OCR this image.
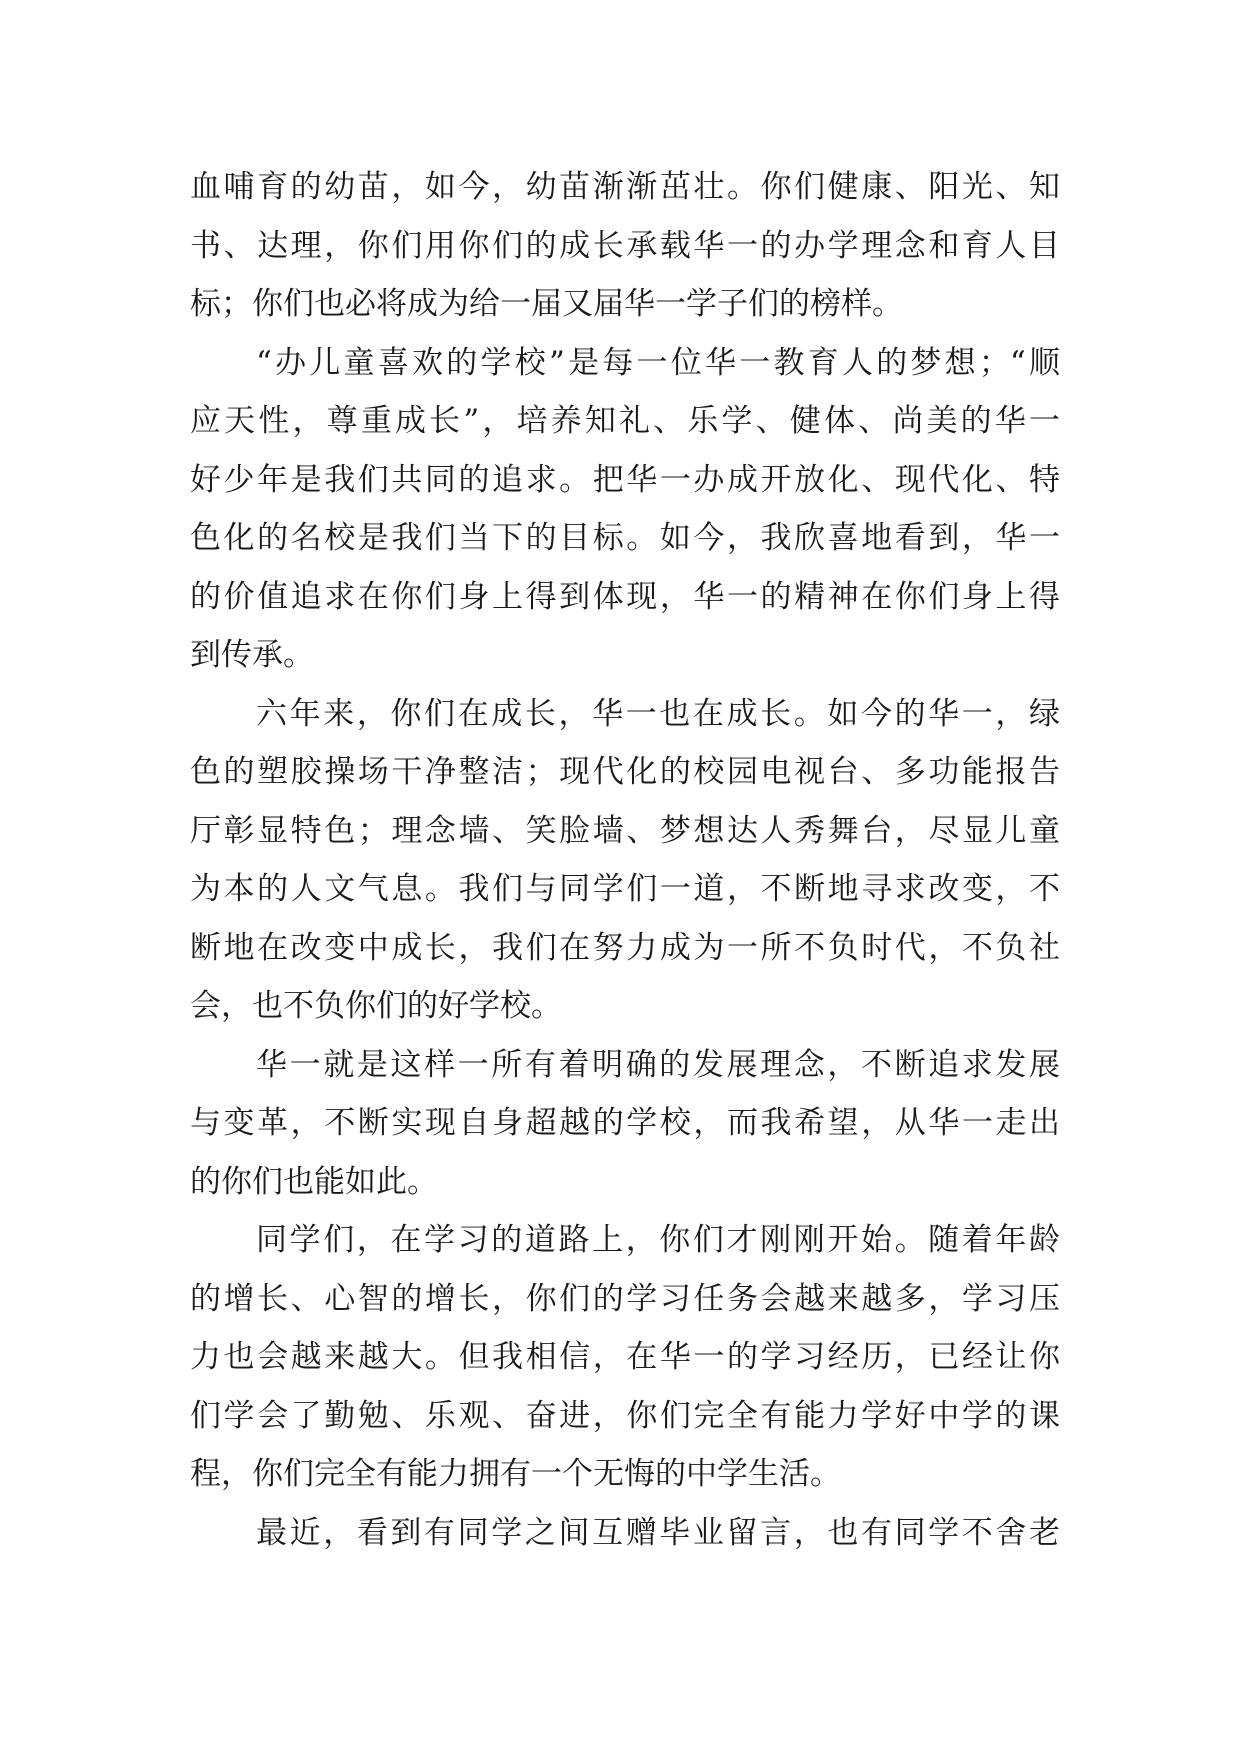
血哺育的幼苗，如今，幼苗渐渐茁壮。你们健康、阳光、知
书、达理，你们用你们的成长承载华一的办学理念和育人目
标；你们也必将成为给一届又届华一学子们的榜样。
“办儿童喜欢的学校”是每一位华一教育人的梦想；“顺
应天性，尊重成长”，培养知礼、乐学、健体、尚美的华一
好少年是我们共同的追求。把华一办成开放化、现代化、特
色化的名校是我们当下的目标。如今，我欣喜地看到，华一
的价值追求在你们身上得到体现，华一的精神在你们身上得
到传承。
六年来，你们在成长，华一也在成长。如今的华一，绿
色的塑胶操场干净整洁；现代化的校园电视台、多功能报告
厅彰显特色；理念墙、笑脸墙、梦想达人秀舞台，尽显儿童
为本的人文气息。我们与同学们一道，不断地寻求改变，不
断地在改变中成长，我们在努力成为一所不负时代，不负社
会，也不负你们的好学校。
华一就是这样一所有着明确的发展理念，不断追求发展
与变革，不断实现自身超越的学校，而我希望，从华一走出
的你们也能如此。
同学们，在学习的道路上，你们才刚刚开始。随着年龄
的增长、心智的增长，你们的学习任务会越来越多，学习压
力也会越来越大。但我相信，在华一的学习经历，已经让你
们学会了勤勉、乐观、奋进，你们完全有能力学好中学的课
程，你们完全有能力拥有一个无悔的中学生活。
最近，看到有同学之间互赠毕业留言，也有同学不舍老
